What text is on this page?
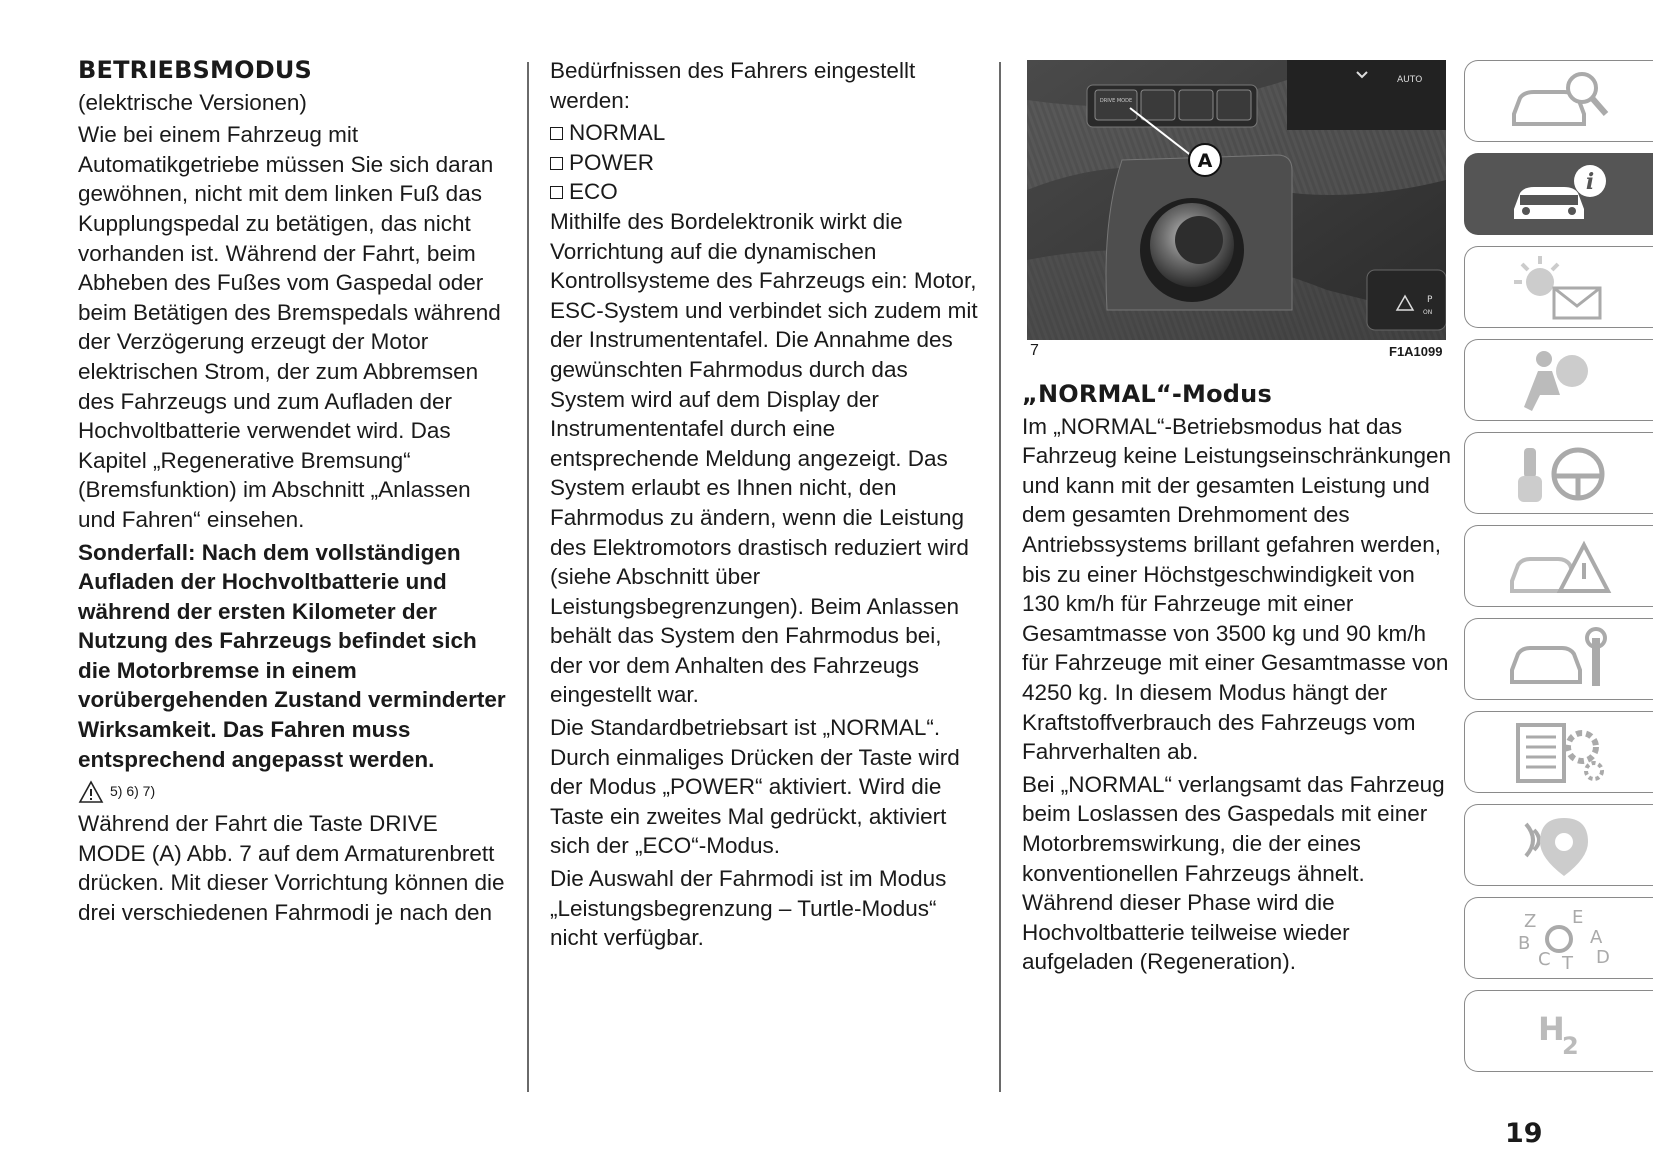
BETRIEBSMODUS

(elektrische Versionen)

Wie bei einem Fahrzeug mit Automatikgetriebe müssen Sie sich daran gewöhnen, nicht mit dem linken Fuß das Kupplungspedal zu betätigen, das nicht vorhanden ist. Während der Fahrt, beim Abheben des Fußes vom Gaspedal oder beim Betätigen des Bremspedals während der Verzögerung erzeugt der Motor elektrischen Strom, der zum Abbremsen des Fahrzeugs und zum Aufladen der Hochvoltbatterie verwendet wird. Das Kapitel „Regenerative Bremsung“ (Bremsfunktion) im Abschnitt „Anlassen und Fahren“ einsehen.

Sonderfall: Nach dem vollständigen Aufladen der Hochvoltbatterie und während der ersten Kilometer der Nutzung des Fahrzeugs befindet sich die Motorbremse in einem vorübergehenden Zustand verminderter Wirksamkeit. Das Fahren muss entsprechend angepasst werden.

5) 6) 7)

Während der Fahrt die Taste DRIVE MODE (A) Abb. 7 auf dem Armaturenbrett drücken. Mit dieser Vorrichtung können die drei verschiedenen Fahrmodi je nach den

Bedürfnissen des Fahrers eingestellt werden:

NORMAL
POWER
ECO

Mithilfe des Bordelektronik wirkt die Vorrichtung auf die dynamischen Kontrollsysteme des Fahrzeugs ein: Motor, ESC-System und verbindet sich zudem mit der Instrumententafel. Die Annahme des gewünschten Fahrmodus durch das System wird auf dem Display der Instrumententafel durch eine entsprechende Meldung angezeigt. Das System erlaubt es Ihnen nicht, den Fahrmodus zu ändern, wenn die Leistung des Elektromotors drastisch reduziert wird (siehe Abschnitt über Leistungsbegrenzungen). Beim Anlassen behält das System den Fahrmodus bei, der vor dem Anhalten des Fahrzeugs eingestellt war.

Die Standardbetriebsart ist „NORMAL“. Durch einmaliges Drücken der Taste wird der Modus „POWER“ aktiviert. Wird die Taste ein zweites Mal gedrückt, aktiviert sich der „ECO“-Modus.

Die Auswahl der Fahrmodi ist im Modus „Leistungsbegrenzung – Turtle-Modus“ nicht verfügbar.

DRIVE MODE
AUTO
A
P
ON
7	F1A1099
„NORMAL“-Modus

Im „NORMAL“-Betriebsmodus hat das Fahrzeug keine Leistungseinschränkungen und kann mit der gesamten Leistung und dem gesamten Drehmoment des Antriebssystems brillant gefahren werden, bis zu einer Höchstgeschwindigkeit von 130 km/h für Fahrzeuge mit einer Gesamtmasse von 3500 kg und 90 km/h für Fahrzeuge mit einer Gesamtmasse von 4250 kg. In diesem Modus hängt der Kraftstoffverbrauch des Fahrzeugs vom Fahrverhalten ab.

Bei „NORMAL“ verlangsamt das Fahrzeug beim Loslassen des Gaspedals mit einer Motorbremswirkung, die der eines konventionellen Fahrzeugs ähnelt. Während dieser Phase wird die Hochvoltbatterie teilweise wieder aufgeladen (Regeneration).

i
Z E
B	A
C T D
H
2
19
